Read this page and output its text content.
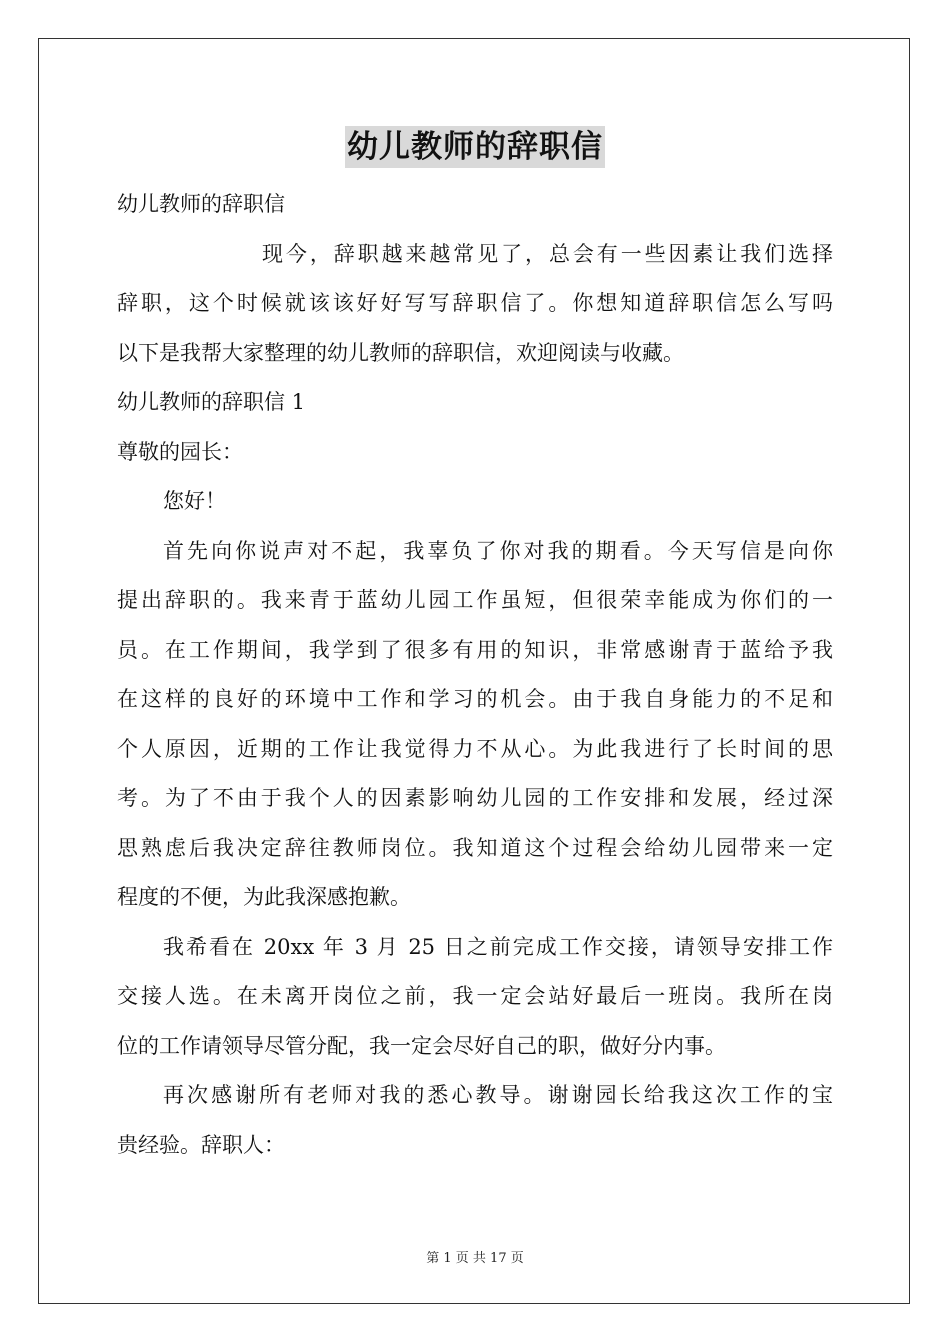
幼儿教师的辞职信
幼儿教师的辞职信
现今，辞职越来越常见了，总会有一些因素让我们选择
辞职，这个时候就该该好好写写辞职信了。你想知道辞职信怎么写吗
以下是我帮大家整理的幼儿教师的辞职信，欢迎阅读与收藏。
幼儿教师的辞职信 1
尊敬的园长：
您好！
首先向你说声对不起，我辜负了你对我的期看。今天写信是向你
提出辞职的。我来青于蓝幼儿园工作虽短，但很荣幸能成为你们的一
员。在工作期间，我学到了很多有用的知识，非常感谢青于蓝给予我
在这样的良好的环境中工作和学习的机会。由于我自身能力的不足和
个人原因，近期的工作让我觉得力不从心。为此我进行了长时间的思
考。为了不由于我个人的因素影响幼儿园的工作安排和发展，经过深
思熟虑后我决定辞往教师岗位。我知道这个过程会给幼儿园带来一定
程度的不便，为此我深感抱歉。
我希看在 20xx 年 3 月 25 日之前完成工作交接，请领导安排工作
交接人选。在未离开岗位之前，我一定会站好最后一班岗。我所在岗
位的工作请领导尽管分配，我一定会尽好自己的职，做好分内事。
再次感谢所有老师对我的悉心教导。谢谢园长给我这次工作的宝
贵经验。辞职人：
第 1 页 共 17 页
